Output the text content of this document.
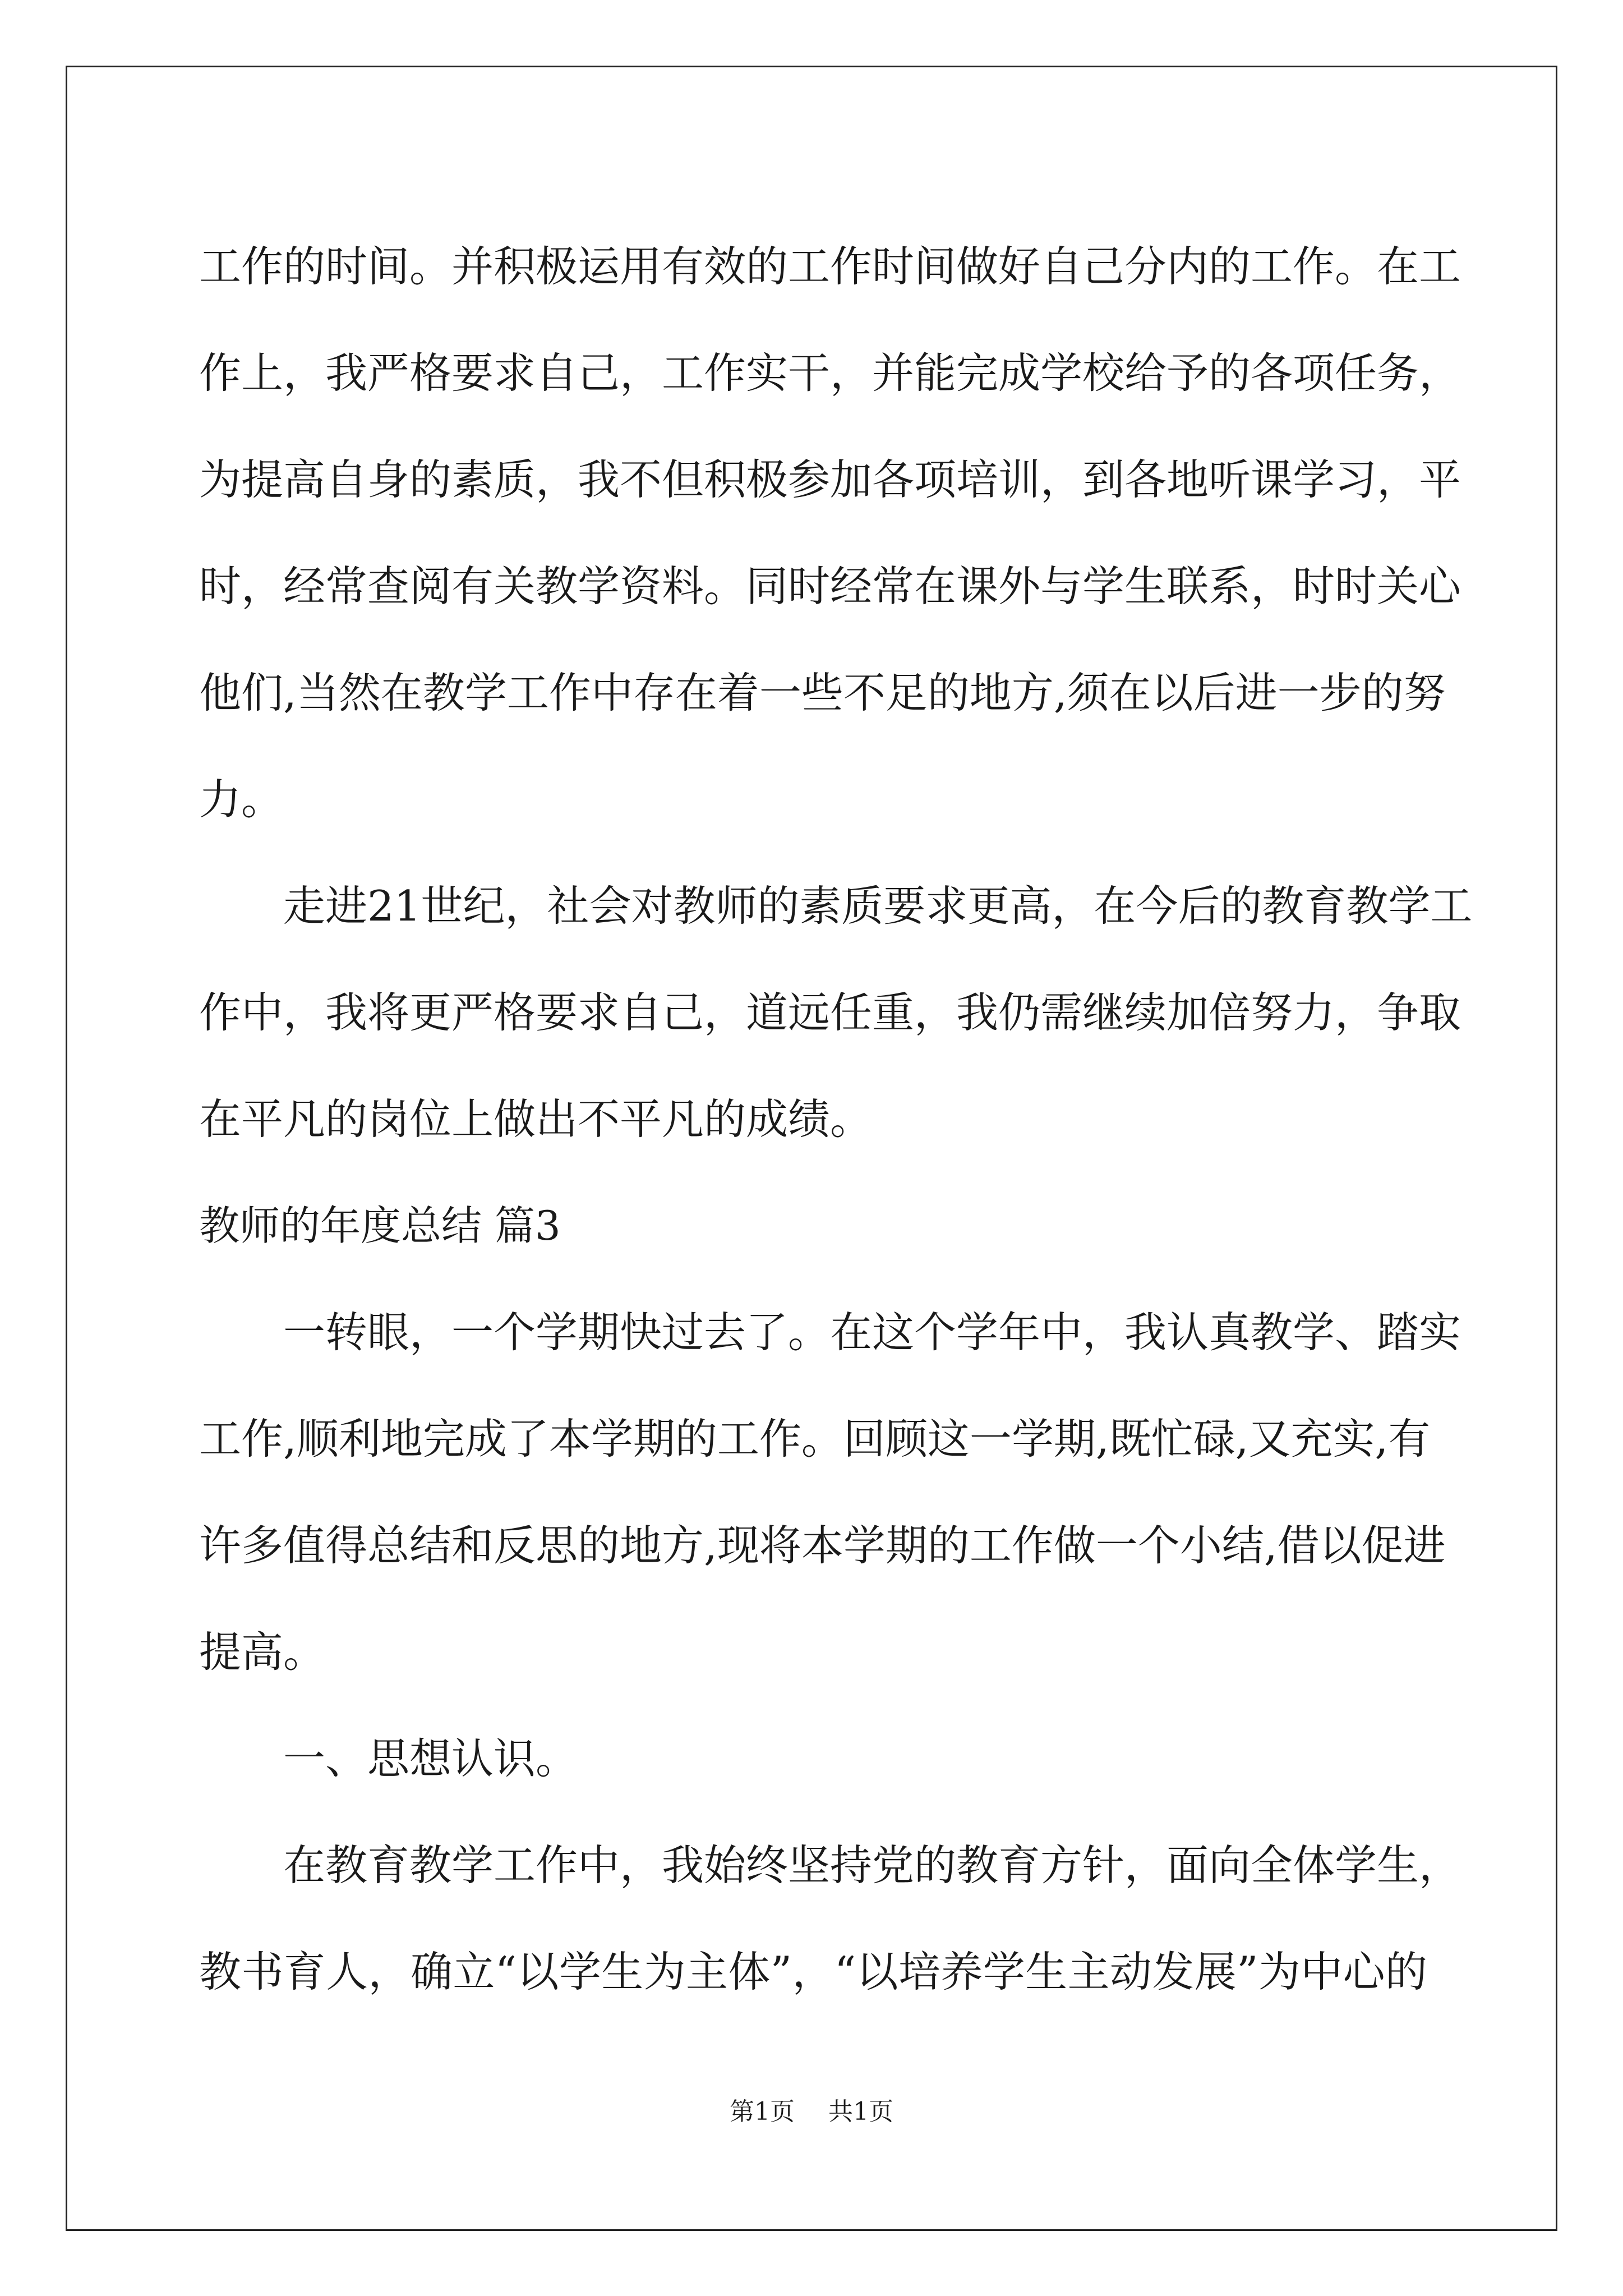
工作的时间。并积极运用有效的工作时间做好自己分内的工作。在工
作上，我严格要求自己，工作实干，并能完成学校给予的各项任务，
为提高自身的素质，我不但积极参加各项培训，到各地听课学习，平
时，经常查阅有关教学资料。同时经常在课外与学生联系，时时关心
他们,当然在教学工作中存在着一些不足的地方,须在以后进一步的努
力。
走进21世纪，社会对教师的素质要求更高，在今后的教育教学工
作中，我将更严格要求自己，道远任重，我仍需继续加倍努力，争取
在平凡的岗位上做出不平凡的成绩。
教师的年度总结 篇3
一转眼，一个学期快过去了。在这个学年中，我认真教学、踏实
工作,顺利地完成了本学期的工作。回顾这一学期,既忙碌,又充实,有
许多值得总结和反思的地方,现将本学期的工作做一个小结,借以促进
提高。
一、思想认识。
在教育教学工作中，我始终坚持党的教育方针，面向全体学生，
教书育人，确立“以学生为主体”，“以培养学生主动发展”为中心的
第1页 共1页
